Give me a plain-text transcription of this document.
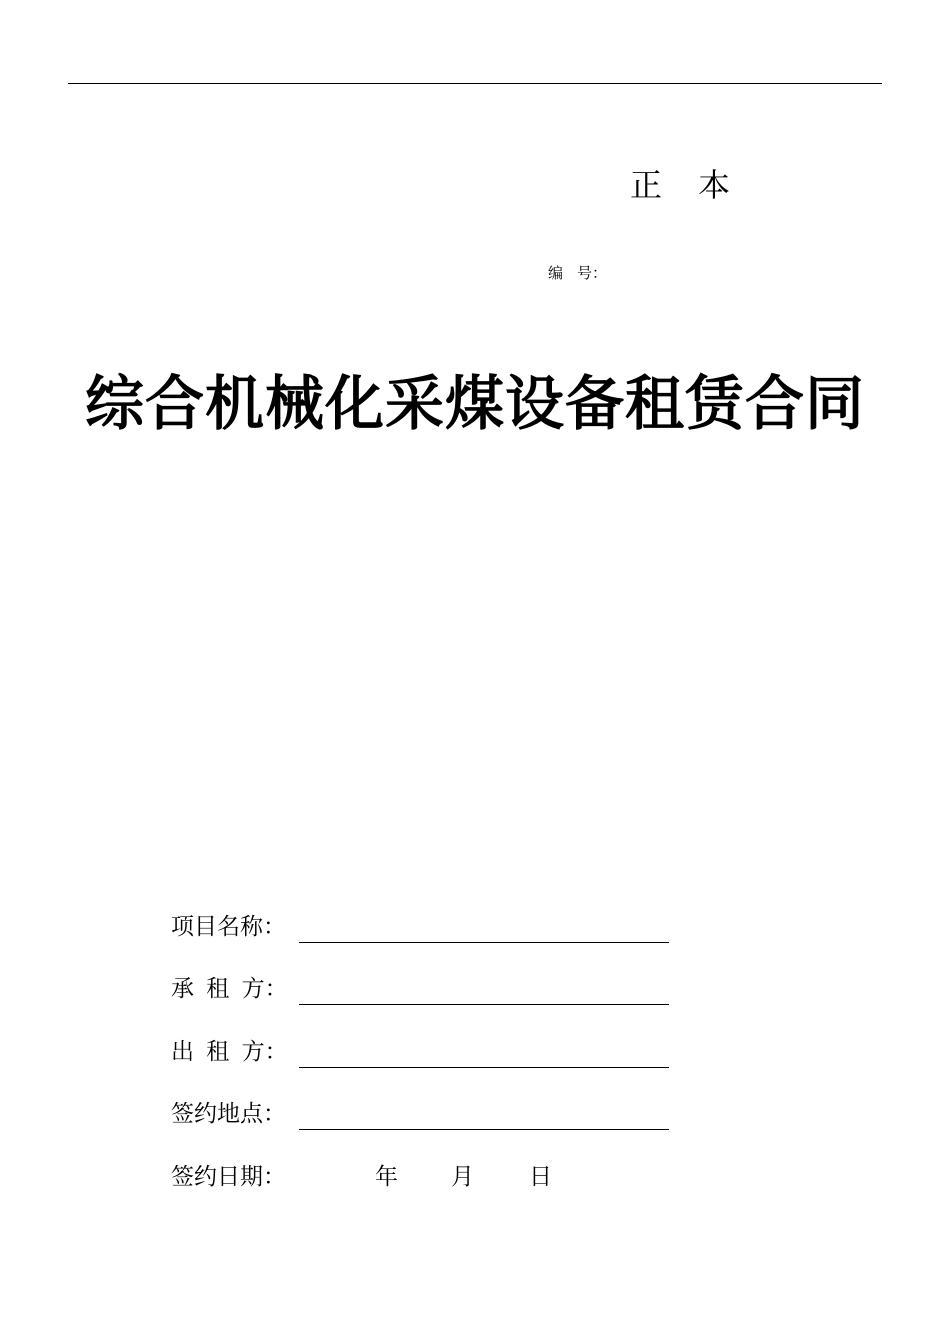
正 本
编 号：
综合机械化采煤设备租赁合同
项目名称：
承 租 方：
出 租 方：
签约地点：
签约日期：	年 月 日
